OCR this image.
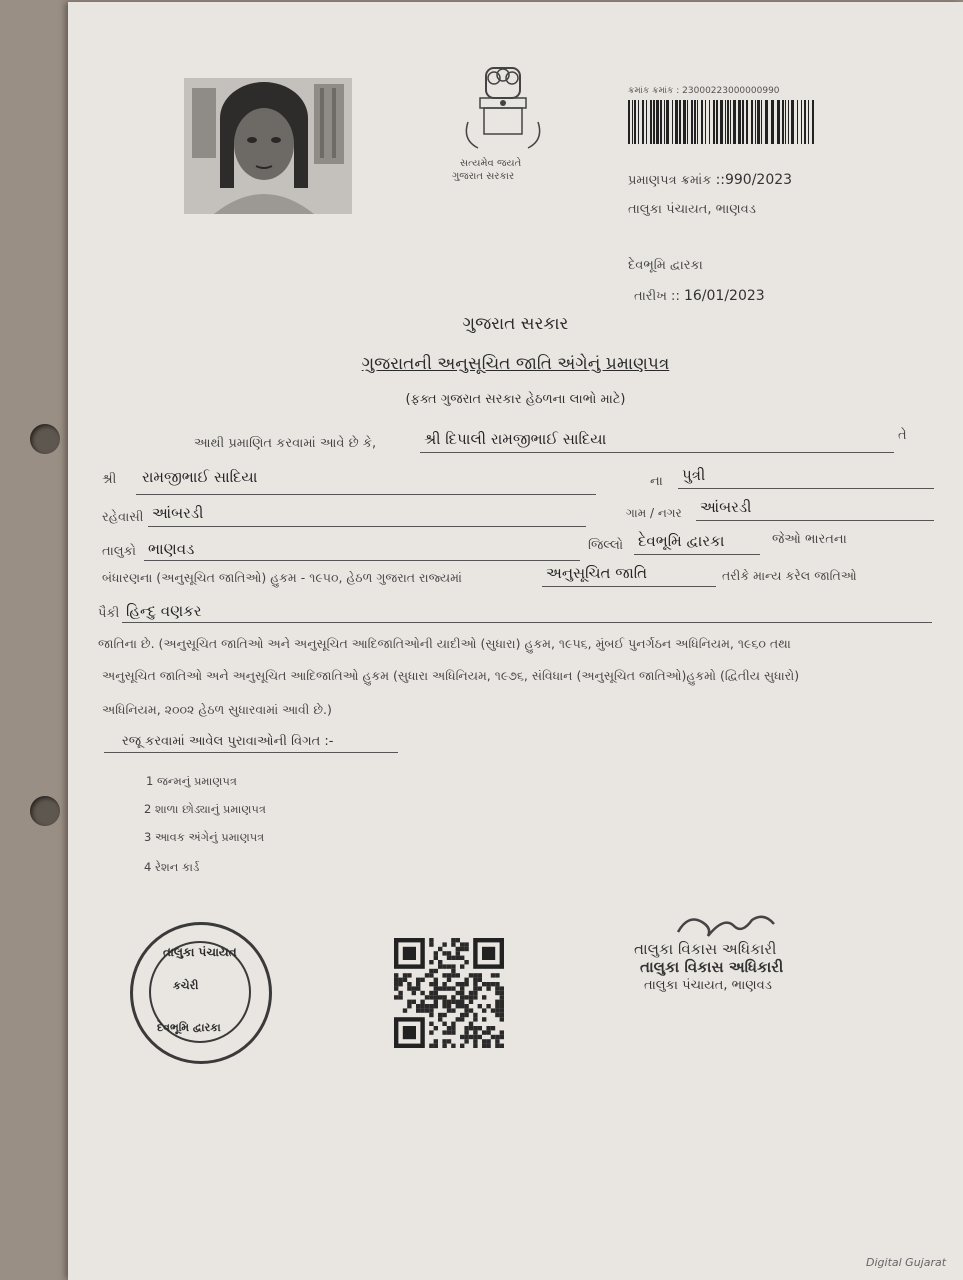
સત્યમેવ જયતે
ગુજરાત સરકાર
ક્રમાંક ક્રમાંક : 23000223000000990
પ્રમાણપત્ર ક્રમાંક ::990/2023
તાલુકા પંચાયત, ભાણવડ
દેવભૂમિ દ્વારકા
તારીખ :: 16/01/2023
ગુજરાત સરકાર
ગુજરાતની અનુસૂચિત જાતિ અંગેનું પ્રમાણપત્ર
(ફક્ત ગુજરાત સરકાર હેઠળના લાભો માટે)
આથી પ્રમાણિત કરવામાં આવે છે કે,	શ્રી દિપાલી રામજીભાઈ સાદિયા	તે
શ્રી રામજીભાઈ સાદિયા	ના પુત્રી
રહેવાસી આંબરડી	ગામ / નગર આંબરડી
તાલુકો ભાણવડ	જિલ્લો દેવભૂમિ દ્વારકા	જેઓ ભારતના
બંધારણના (અનુસૂચિત જાતિઓ) હુકમ - ૧૯૫૦, હેઠળ ગુજરાત રાજ્યમાં	અનુસૂચિત જાતિ	તરીકે માન્ય કરેલ જાતિઓ
પૈકી હિન્દુ વણકર
જાતિના છે. (અનુસૂચિત જાતિઓ અને અનુસૂચિત આદિજાતિઓની યાદીઓ (સુધારા) હુકમ, ૧૯૫૬, મુંબઈ પુનર્ગઠન અધિનિયમ, ૧૯૬૦ તથા
અનુસૂચિત જાતિઓ અને અનુસૂચિત આદિજાતિઓ હુકમ (સુધારા અધિનિયમ, ૧૯૭૬, સંવિધાન (અનુસૂચિત જાતિઓ)હુકમો (દ્વિતીય સુધારો)
અધિનિયમ, ૨૦૦૨ હેઠળ સુધારવામાં આવી છે.)
રજૂ કરવામાં આવેલ પુરાવાઓની વિગત :-
1 જન્મનું પ્રમાણપત્ર
2 શાળા છોડ્યાનું પ્રમાણપત્ર
3 આવક અંગેનું પ્રમાણપત્ર
4 રેશન કાર્ડ
તાલુકા પંચાયત
કચેરી
દેવભૂમિ દ્વારકા
તાલુકા વિકાસ અધિકારી
તાલુકા વિકાસ અધિકારી
તાલુકા પંચાયત, ભાણવડ
Digital Gujarat
